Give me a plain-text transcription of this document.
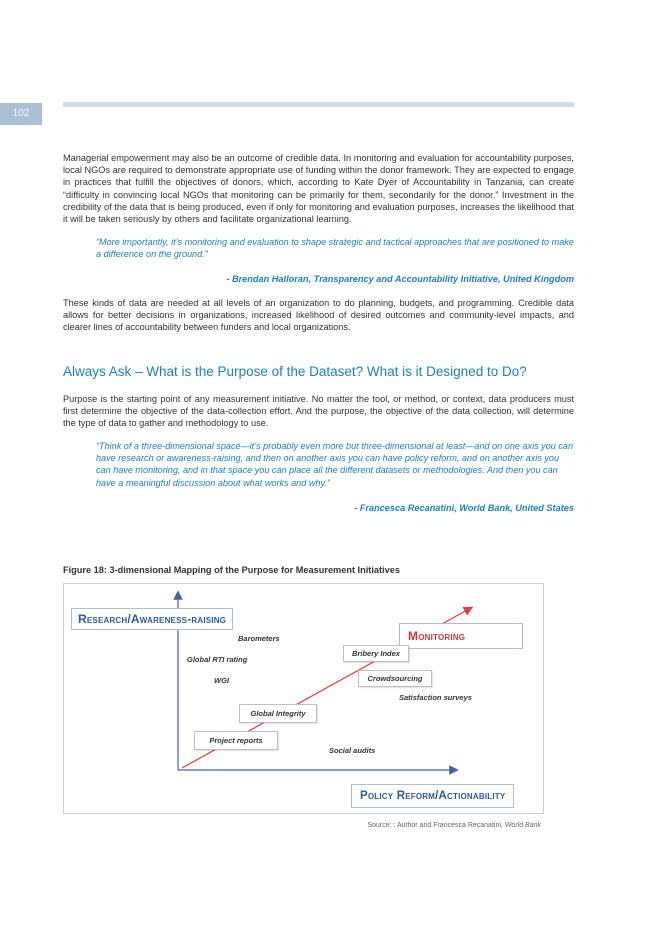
102

Managerial empowerment may also be an outcome of credible data. In monitoring and evaluation for accountability purposes, local NGOs are required to demonstrate appropriate use of funding within the donor framework. They are expected to engage in practices that fulfill the objectives of donors, which, according to Kate Dyer of Accountability in Tanzania, can create “difficulty in convincing local NGOs that monitoring can be primarily for them, secondarily for the donor.” Investment in the credibility of the data that is being produced, even if only for monitoring and evaluation purposes, increases the likelihood that it will be taken seriously by others and facilitate organizational learning.

“More importantly, it’s monitoring and evaluation to shape strategic and tactical approaches that are positioned to make a difference on the ground.”

- Brendan Halloran, Transparency and Accountability Initiative, United Kingdom

These kinds of data are needed at all levels of an organization to do planning, budgets, and programming. Credible data allows for better decisions in organizations, increased likelihood of desired outcomes and community-level impacts, and clearer lines of accountability between funders and local organizations.

Always Ask – What is the Purpose of the Dataset? What is it Designed to Do?

Purpose is the starting point of any measurement initiative. No matter the tool, or method, or context, data producers must first determine the objective of the data-collection effort. And the purpose, the objective of the data collection, will determine the type of data to gather and methodology to use.

“Think of a three-dimensional space—it’s probably even more but three-dimensional at least—and on one axis you can have research or awareness-raising, and then on another axis you can have policy reform, and on another axis you can have monitoring, and in that space you can place all the different datasets or methodologies. And then you can have a meaningful discussion about what works and why.”

- Francesca Recanatini, World Bank, United States

Figure 18: 3-dimensional Mapping of the Purpose for Measurement Initiatives

Research/Awareness-raising
Monitoring
Policy Reform/Actionability
Barometers
Global RTI rating
WGI
Bribery Index
Crowdsourcing
Satisfaction surveys
Global Integrity
Project reports
Social audits

Source: : Author and Francesca Recanatini, World Bank
